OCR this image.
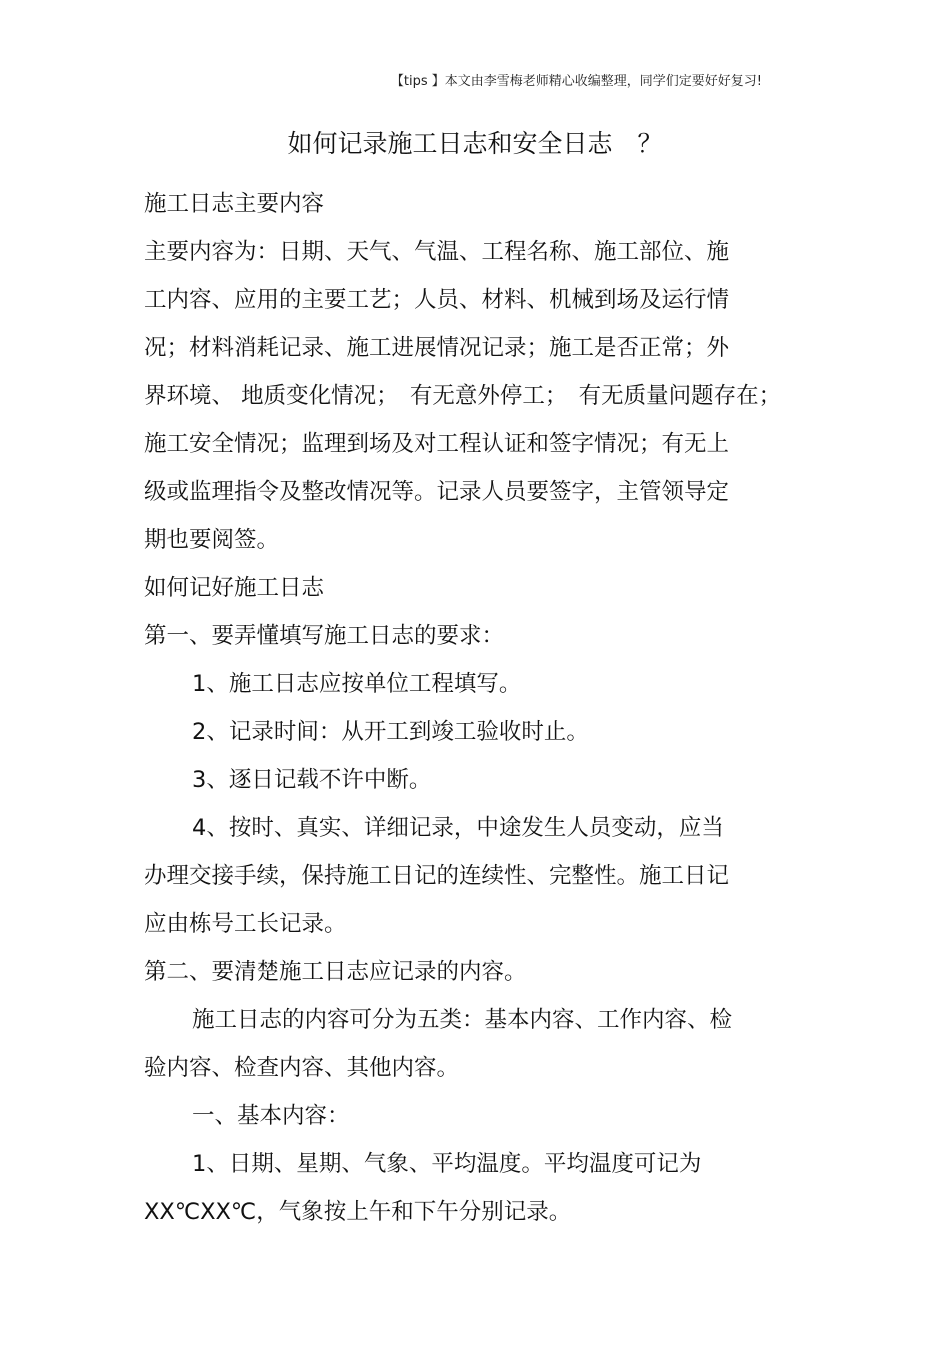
【tips 】本文由李雪梅老师精心收编整理，同学们定要好好复习!
如何记录施工日志和安全日志　？
施工日志主要内容
主要内容为：日期、天气、气温、工程名称、施工部位、施
工内容、应用的主要工艺；人员、材料、机械到场及运行情
况；材料消耗记录、施工进展情况记录；施工是否正常；外
界环境、 地质变化情况；　有无意外停工；　有无质量问题存在；
施工安全情况；监理到场及对工程认证和签字情况；有无上
级或监理指令及整改情况等。记录人员要签字，主管领导定
期也要阅签。
如何记好施工日志
第一、要弄懂填写施工日志的要求：
1、施工日志应按单位工程填写。
2、记录时间：从开工到竣工验收时止。
3、逐日记载不许中断。
4、按时、真实、详细记录，中途发生人员变动，应当
办理交接手续，保持施工日记的连续性、完整性。施工日记
应由栋号工长记录。
第二、要清楚施工日志应记录的内容。
施工日志的内容可分为五类：基本内容、工作内容、检
验内容、检查内容、其他内容。
一、基本内容：
1、日期、星期、气象、平均温度。平均温度可记为
XX℃XX℃，气象按上午和下午分别记录。
